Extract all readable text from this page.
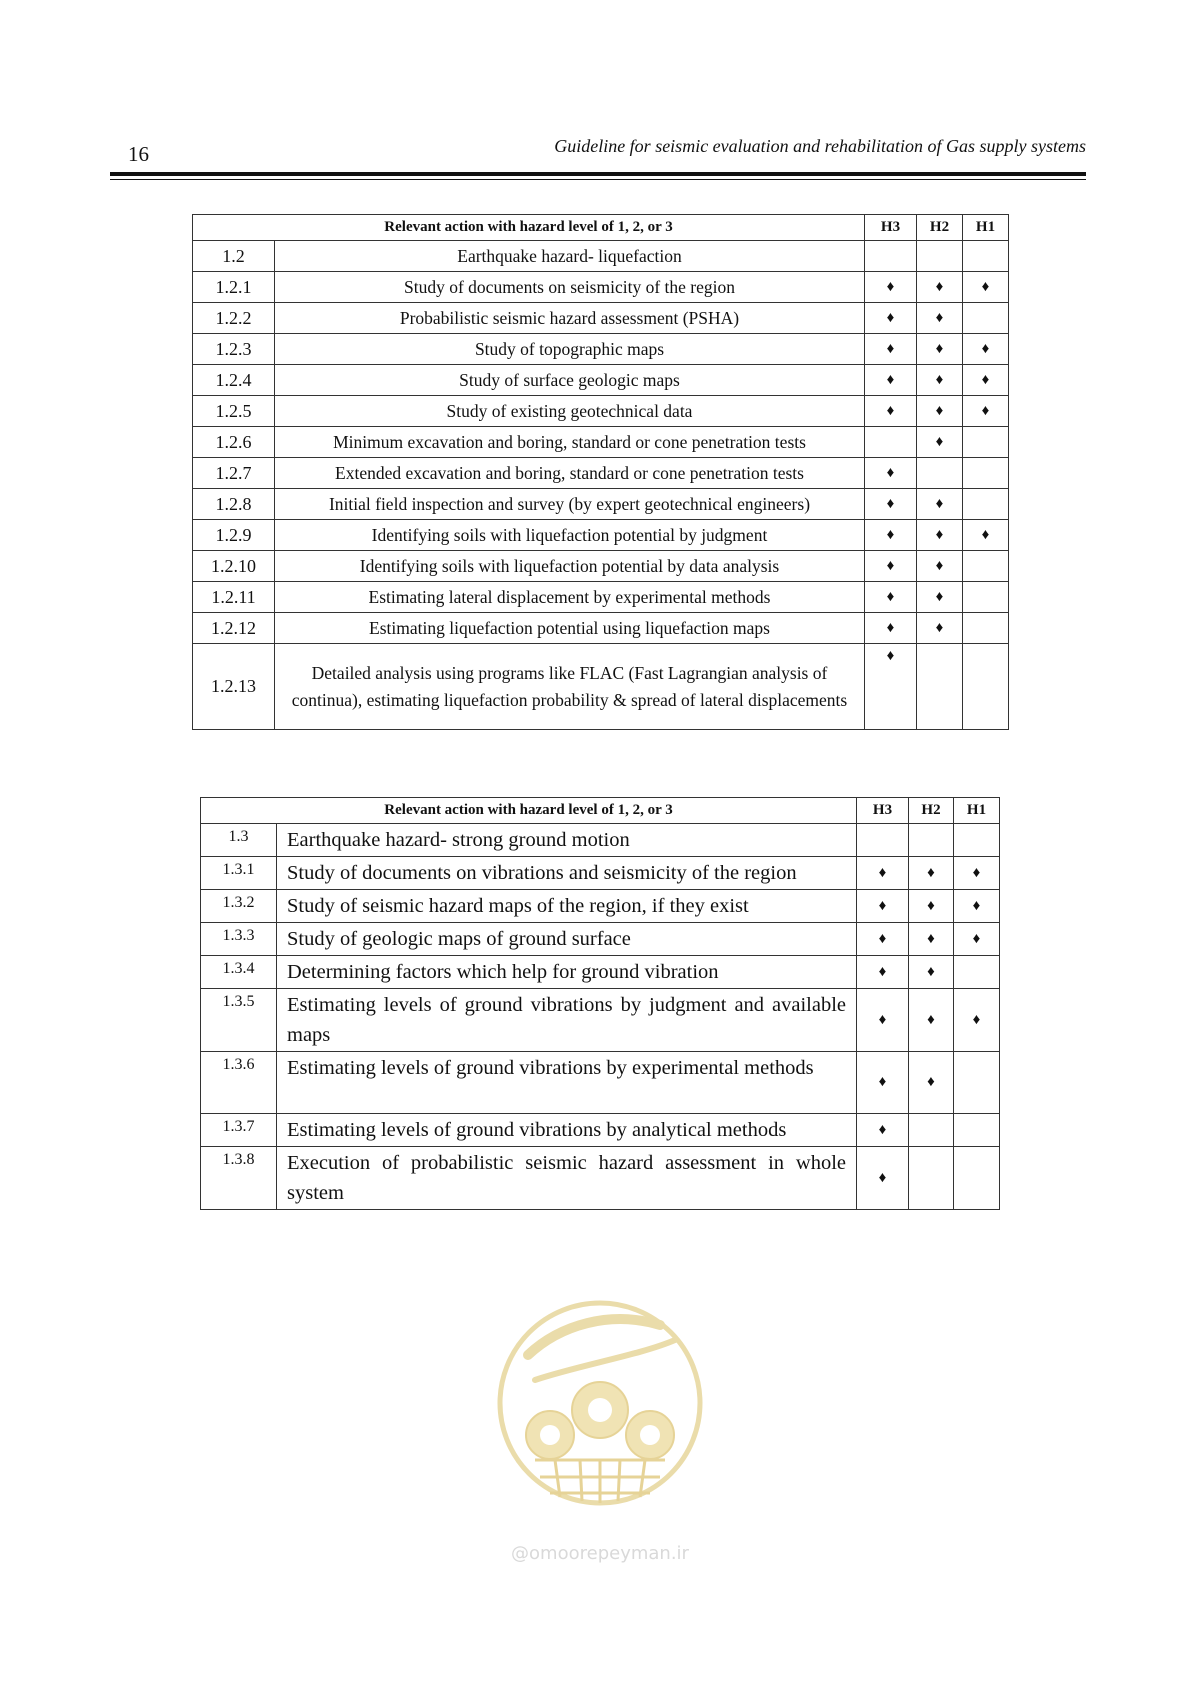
16	Guideline for seismic evaluation and rehabilitation of Gas supply systems
Relevant action with hazard level of 1, 2, or 3		H3	H2	H1
1.2	Earthquake hazard- liquefaction			
1.2.1	Study of documents on seismicity of the region	♦	♦	♦
1.2.2	Probabilistic seismic hazard assessment (PSHA)	♦	♦	
1.2.3	Study of topographic maps	♦	♦	♦
1.2.4	Study of surface geologic maps	♦	♦	♦
1.2.5	Study of existing geotechnical data	♦	♦	♦
1.2.6	Minimum excavation and boring, standard or cone penetration tests		♦	
1.2.7	Extended excavation and boring, standard or cone penetration tests	♦		
1.2.8	Initial field inspection and survey (by expert geotechnical engineers)	♦	♦	
1.2.9	Identifying soils with liquefaction potential by judgment	♦	♦	♦
1.2.10	Identifying soils with liquefaction potential by data analysis	♦	♦	
1.2.11	Estimating lateral displacement by experimental methods	♦	♦	
1.2.12	Estimating liquefaction potential using liquefaction maps	♦	♦	
1.2.13	Detailed analysis using programs like FLAC (Fast Lagrangian analysis of continua), estimating liquefaction probability & spread of lateral displacements	♦		
Relevant action with hazard level of 1, 2, or 3		H3	H2	H1
1.3	Earthquake hazard- strong ground motion			
1.3.1	Study of documents on vibrations and seismicity of the region	♦	♦	♦
1.3.2	Study of seismic hazard maps of the region, if they exist	♦	♦	♦
1.3.3	Study of geologic maps of ground surface	♦	♦	♦
1.3.4	Determining factors which help for ground vibration	♦	♦	
1.3.5	Estimating levels of ground vibrations by judgment and available maps	♦	♦	♦
1.3.6	Estimating levels of ground vibrations by experimental methods	♦	♦	
1.3.7	Estimating levels of ground vibrations by analytical methods	♦		
1.3.8	Execution of probabilistic seismic hazard assessment in whole system	♦		
@omoorepeyman.ir
